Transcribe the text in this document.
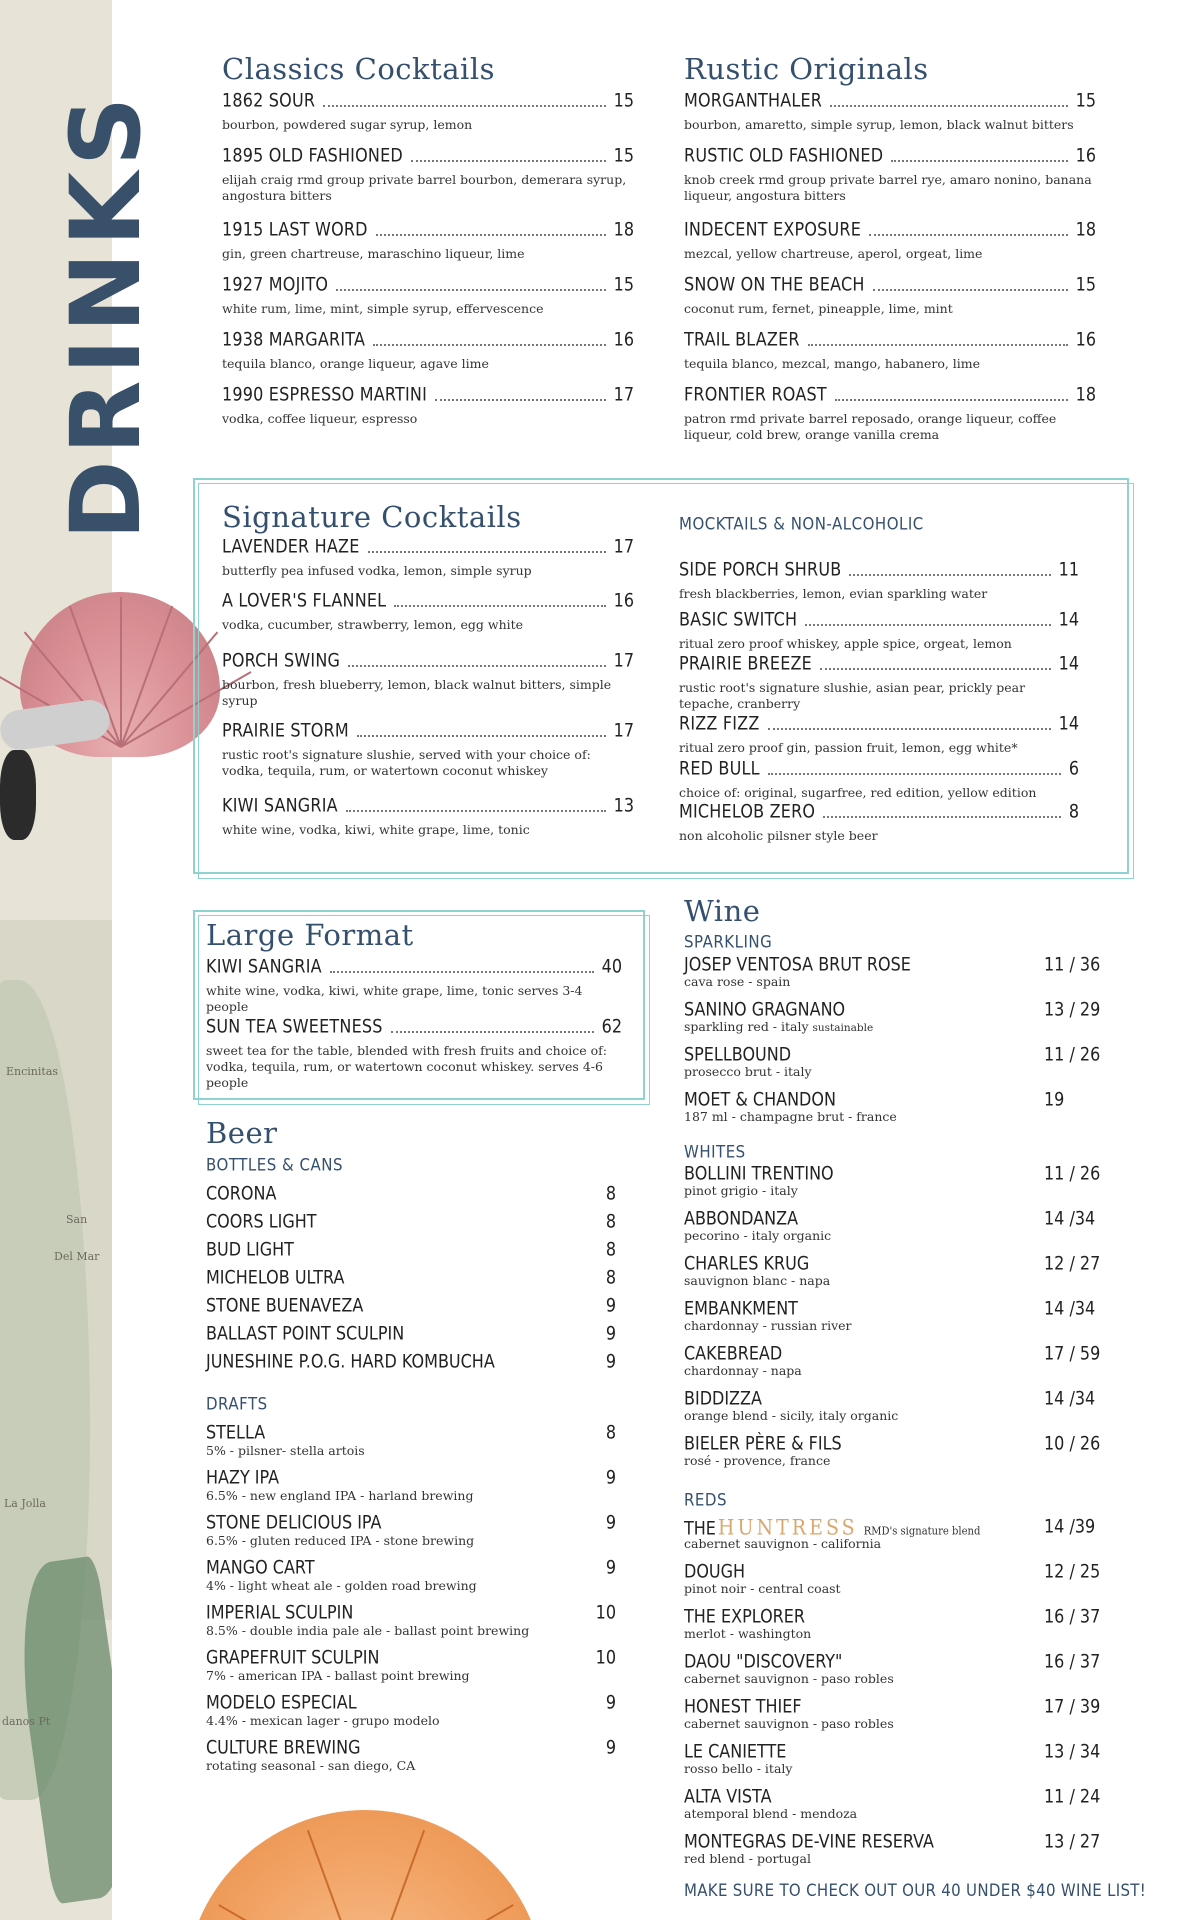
Encinitas
San
Del Mar
La Jolla
danos Pt
DRINKS
Classics Cocktails
1862 SOUR	15
bourbon, powdered sugar syrup, lemon
1895 OLD FASHIONED	15
elijah craig rmd group private barrel bourbon, demerara syrup, angostura bitters
1915 LAST WORD	18
gin, green chartreuse, maraschino liqueur, lime
1927 MOJITO	15
white rum, lime, mint, simple syrup, effervescence
1938 MARGARITA	16
tequila blanco, orange liqueur, agave lime
1990 ESPRESSO MARTINI	17
vodka, coffee liqueur, espresso
Rustic Originals
MORGANTHALER	15
bourbon, amaretto, simple syrup, lemon, black walnut bitters
RUSTIC OLD FASHIONED	16
knob creek rmd group private barrel rye, amaro nonino, banana liqueur, angostura bitters
INDECENT EXPOSURE	18
mezcal, yellow chartreuse, aperol, orgeat, lime
SNOW ON THE BEACH	15
coconut rum, fernet, pineapple, lime, mint
TRAIL BLAZER	16
tequila blanco, mezcal, mango, habanero, lime
FRONTIER ROAST	18
patron rmd private barrel reposado, orange liqueur, coffee liqueur, cold brew, orange vanilla crema
Signature Cocktails
LAVENDER HAZE	17
butterfly pea infused vodka, lemon, simple syrup
A LOVER'S FLANNEL	16
vodka, cucumber, strawberry, lemon, egg white
PORCH SWING	17
bourbon, fresh blueberry, lemon, black walnut bitters, simple syrup
PRAIRIE STORM	17
rustic root's signature slushie, served with your choice of: vodka, tequila, rum, or watertown coconut whiskey
KIWI SANGRIA	13
white wine, vodka, kiwi, white grape, lime, tonic
MOCKTAILS & NON-ALCOHOLIC
SIDE PORCH SHRUB	11
fresh blackberries, lemon, evian sparkling water
BASIC SWITCH	14
ritual zero proof whiskey, apple spice, orgeat, lemon
PRAIRIE BREEZE	14
rustic root's signature slushie, asian pear, prickly pear tepache, cranberry
RIZZ FIZZ	14
ritual zero proof gin, passion fruit, lemon, egg white*
RED BULL	6
choice of: original, sugarfree, red edition, yellow edition
MICHELOB ZERO	8
non alcoholic pilsner style beer
Large Format
KIWI SANGRIA	40
white wine, vodka, kiwi, white grape, lime, tonic serves 3-4 people
SUN TEA SWEETNESS	62
sweet tea for the table, blended with fresh fruits and choice of: vodka, tequila, rum, or watertown coconut whiskey. serves 4-6 people
Beer
BOTTLES & CANS
CORONA	8
COORS LIGHT	8
BUD LIGHT	8
MICHELOB ULTRA	8
STONE BUENAVEZA	9
BALLAST POINT SCULPIN	9
JUNESHINE P.O.G. HARD KOMBUCHA	9
DRAFTS
STELLA	8
5% - pilsner- stella artois
HAZY IPA	9
6.5% - new england IPA - harland brewing
STONE DELICIOUS IPA	9
6.5% - gluten reduced IPA - stone brewing
MANGO CART	9
4% - light wheat ale - golden road brewing
IMPERIAL SCULPIN	10
8.5% - double india pale ale - ballast point brewing
GRAPEFRUIT SCULPIN	10
7% - american IPA - ballast point brewing
MODELO ESPECIAL	9
4.4% - mexican lager - grupo modelo
CULTURE BREWING	9
rotating seasonal - san diego, CA
Wine
SPARKLING
JOSEP VENTOSA BRUT ROSE	11 / 36
cava rose - spain
SANINO GRAGNANO	13 / 29
sparkling red - italy sustainable
SPELLBOUND	11 / 26
prosecco brut - italy
MOET & CHANDON	19
187 ml - champagne brut - france
WHITES
BOLLINI TRENTINO	11 / 26
pinot grigio - italy
ABBONDANZA	14 /34
pecorino - italy organic
CHARLES KRUG	12 / 27
sauvignon blanc - napa
EMBANKMENT	14 /34
chardonnay - russian river
CAKEBREAD	17 / 59
chardonnay - napa
BIDDIZZA	14 /34
orange blend - sicily, italy organic
BIELER PÈRE & FILS	10 / 26
rosé - provence, france
REDS
THE HUNTRESS RMD's signature blend	14 /39
cabernet sauvignon - california
DOUGH	12 / 25
pinot noir - central coast
THE EXPLORER	16 / 37
merlot - washington
DAOU "DISCOVERY"	16 / 37
cabernet sauvignon - paso robles
HONEST THIEF	17 / 39
cabernet sauvignon - paso robles
LE CANIETTE	13 / 34
rosso bello - italy
ALTA VISTA	11 / 24
atemporal blend - mendoza
MONTEGRAS DE-VINE RESERVA	13 / 27
red blend - portugal
MAKE SURE TO CHECK OUT OUR 40 UNDER $40 WINE LIST!
